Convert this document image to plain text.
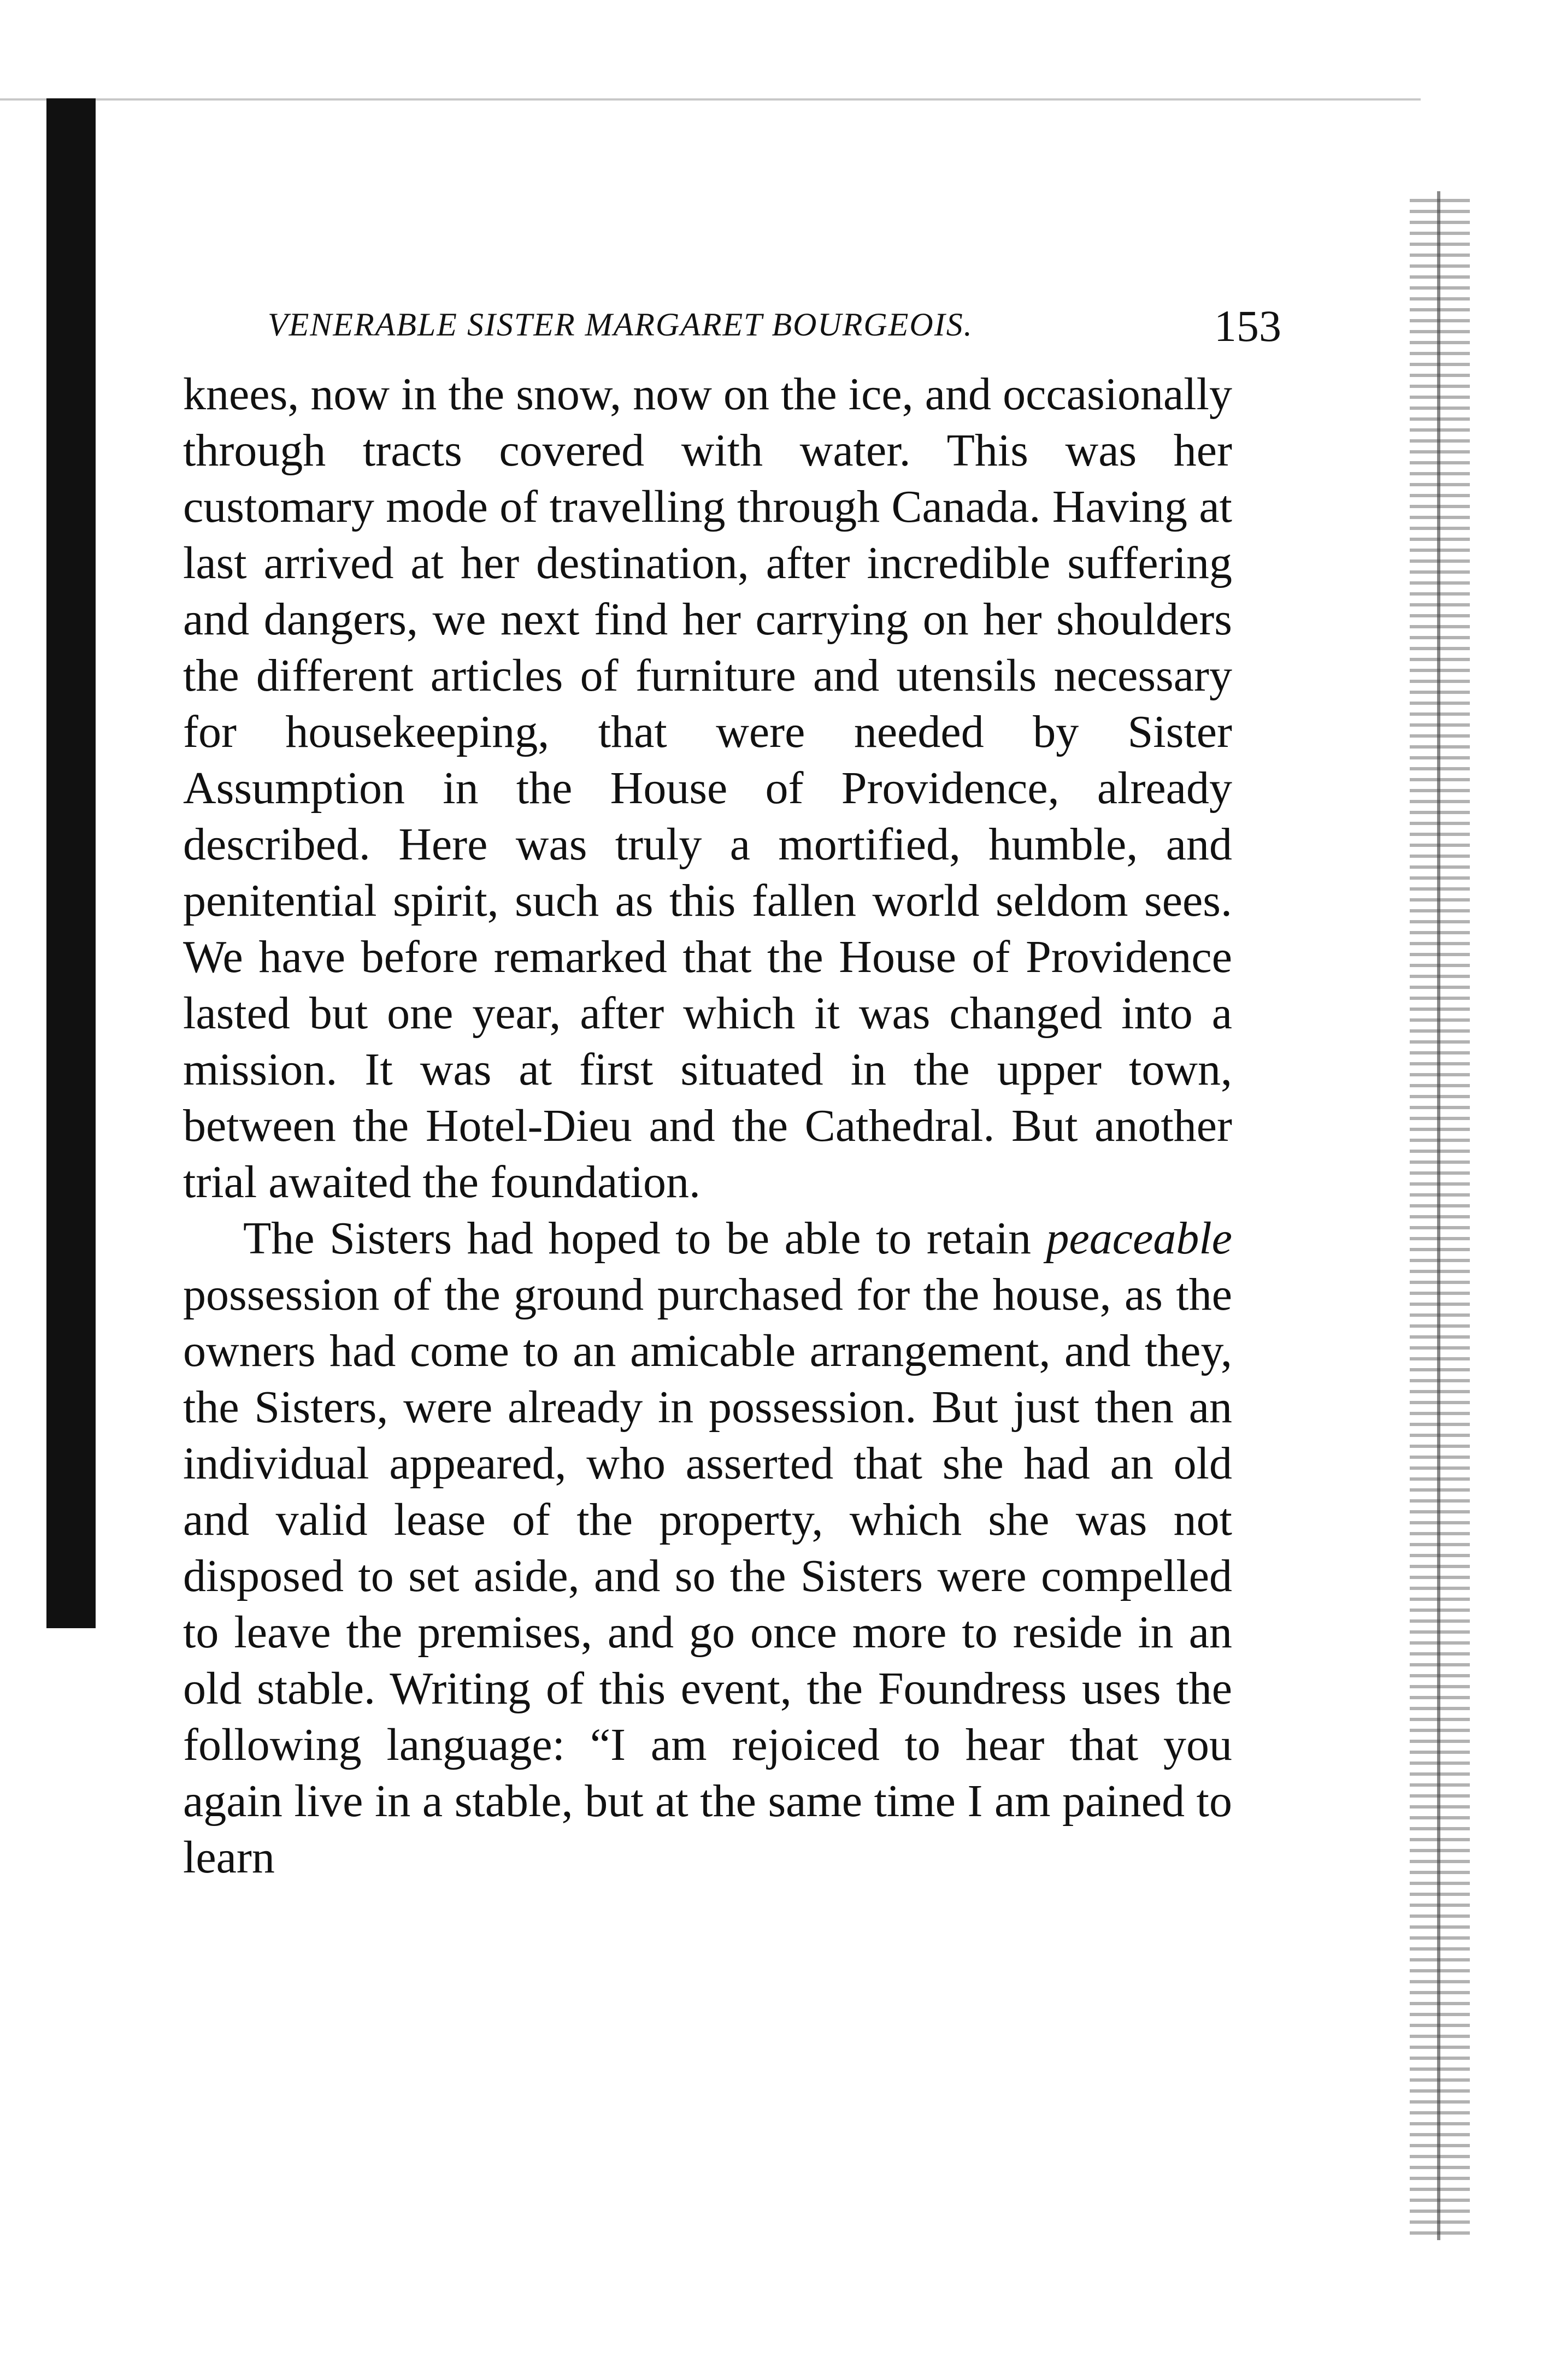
VENERABLE SISTER MARGARET BOURGEOIS.	153

knees, now in the snow, now on the ice, and occasionally through tracts covered with water. This was her customary mode of travelling through Canada. Having at last arrived at her destination, after incredible suffering and dangers, we next find her carrying on her shoulders the different articles of furniture and utensils necessary for housekeeping, that were needed by Sister Assumption in the House of Providence, already described. Here was truly a mortified, humble, and penitential spirit, such as this fallen world seldom sees. We have before remarked that the House of Providence lasted but one year, after which it was changed into a mission. It was at first situated in the upper town, between the Hotel-Dieu and the Cathedral. But another trial awaited the foundation.

The Sisters had hoped to be able to retain peaceable possession of the ground purchased for the house, as the owners had come to an amicable arrangement, and they, the Sisters, were already in possession. But just then an individual appeared, who asserted that she had an old and valid lease of the property, which she was not disposed to set aside, and so the Sisters were compelled to leave the premises, and go once more to reside in an old stable. Writing of this event, the Foundress uses the following language: “I am rejoiced to hear that you again live in a stable, but at the same time I am pained to learn
